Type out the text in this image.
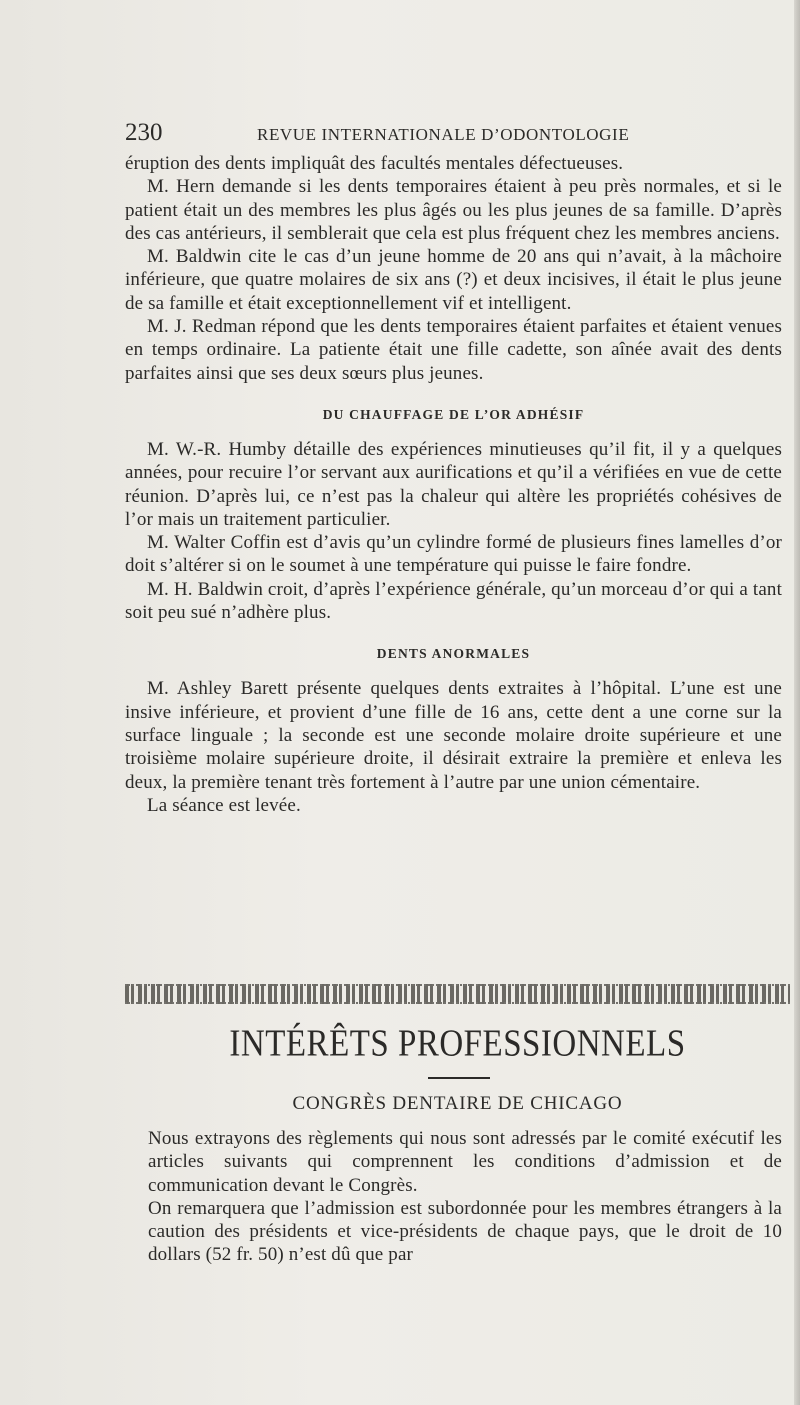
230	REVUE INTERNATIONALE D’ODONTOLOGIE

éruption des dents impliquât des facultés mentales défectueuses.

M. Hern demande si les dents temporaires étaient à peu près normales, et si le patient était un des membres les plus âgés ou les plus jeunes de sa famille. D’après des cas antérieurs, il semblerait que cela est plus fréquent chez les membres anciens.

M. Baldwin cite le cas d’un jeune homme de 20 ans qui n’avait, à la mâchoire inférieure, que quatre molaires de six ans (?) et deux incisives, il était le plus jeune de sa famille et était exceptionnellement vif et intelligent.

M. J. Redman répond que les dents temporaires étaient parfaites et étaient venues en temps ordinaire. La patiente était une fille cadette, son aînée avait des dents parfaites ainsi que ses deux sœurs plus jeunes.

DU CHAUFFAGE DE L’OR ADHÉSIF

M. W.-R. Humby détaille des expériences minutieuses qu’il fit, il y a quelques années, pour recuire l’or servant aux aurifications et qu’il a vérifiées en vue de cette réunion. D’après lui, ce n’est pas la chaleur qui altère les propriétés cohésives de l’or mais un traitement particulier.

M. Walter Coffin est d’avis qu’un cylindre formé de plusieurs fines lamelles d’or doit s’altérer si on le soumet à une température qui puisse le faire fondre.

M. H. Baldwin croit, d’après l’expérience générale, qu’un morceau d’or qui a tant soit peu sué n’adhère plus.

DENTS ANORMALES

M. Ashley Barett présente quelques dents extraites à l’hôpital. L’une est une insive inférieure, et provient d’une fille de 16 ans, cette dent a une corne sur la surface linguale ; la seconde est une seconde molaire droite supérieure et une troisième molaire supérieure droite, il désirait extraire la première et enleva les deux, la première tenant très fortement à l’autre par une union cémentaire.

La séance est levée.

INTÉRÊTS PROFESSIONNELS
CONGRÈS DENTAIRE DE CHICAGO

Nous extrayons des règlements qui nous sont adressés par le comité exécutif les articles suivants qui comprennent les conditions d’admission et de communication devant le Congrès.

On remarquera que l’admission est subordonnée pour les membres étrangers à la caution des présidents et vice-présidents de chaque pays, que le droit de 10 dollars (52 fr. 50) n’est dû que par
